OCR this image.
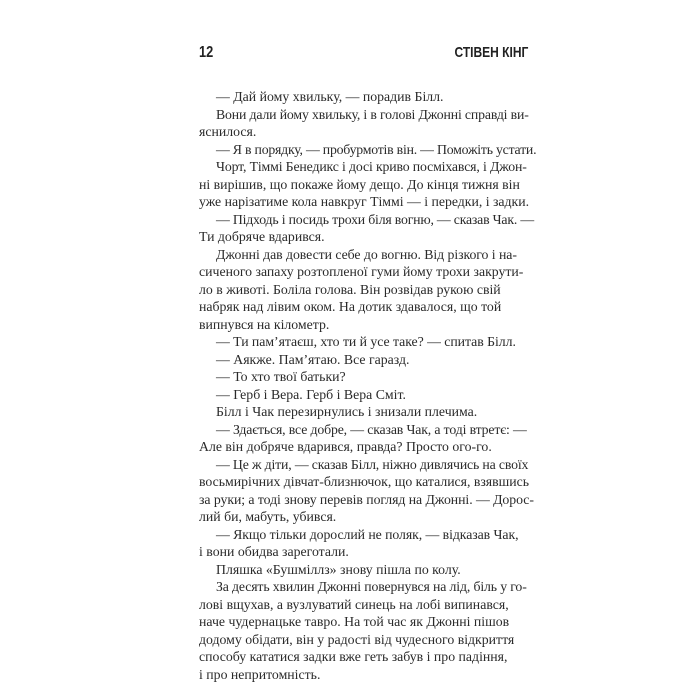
12	СТІВЕН КІНГ
— Дай йому хвильку, — порадив Білл.
Вони дали йому хвильку, і в голові Джонні справді ви-
яснилося.
— Я в порядку, — пробурмотів він. — Поможіть устати.
Чорт, Тіммі Бенедикс і досі криво посміхався, і Джон-
ні вирішив, що покаже йому дещо. До кінця тижня він
уже нарізатиме кола навкруг Тіммі — і передки, і задки.
— Підходь і посидь трохи біля вогню, — сказав Чак. —
Ти добряче вдарився.
Джонні дав довести себе до вогню. Від різкого і на-
сиченого запаху розтопленої гуми йому трохи закрути-
ло в животі. Боліла голова. Він розвідав рукою свій
набряк над лівим оком. На дотик здавалося, що той
випнувся на кілометр.
— Ти пам’ятаєш, хто ти й усе таке? — спитав Білл.
— Аякже. Пам’ятаю. Все гаразд.
— То хто твої батьки?
— Герб і Вера. Герб і Вера Сміт.
Білл і Чак перезирнулись і знизали плечима.
— Здається, все добре, — сказав Чак, а тоді втретє: —
Але він добряче вдарився, правда? Просто ого-го.
— Це ж діти, — сказав Білл, ніжно дивлячись на своїх
восьмирічних дівчат-близнючок, що каталися, взявшись
за руки; а тоді знову перевів погляд на Джонні. — Дорос-
лий би, мабуть, убився.
— Якщо тільки дорослий не поляк, — відказав Чак,
і вони обидва зареготали.
Пляшка «Бушміллз» знову пішла по колу.
За десять хвилин Джонні повернувся на лід, біль у го-
лові вщухав, а вузлуватий синець на лобі випинався,
наче чудернацьке тавро. На той час як Джонні пішов
додому обідати, він у радості від чудесного відкриття
способу кататися задки вже геть забув і про падіння,
і про непритомність.
